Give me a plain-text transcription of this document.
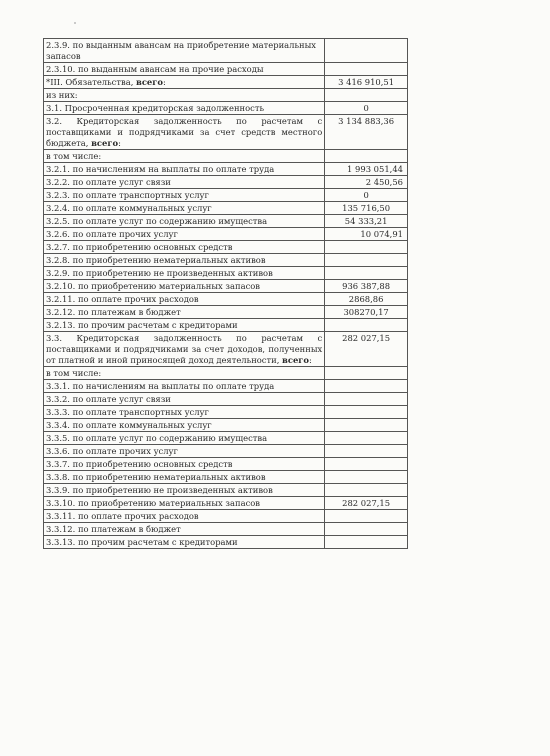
2.3.9. по выданным авансам на приобретение материальных запасов	
2.3.10. по выданным авансам на прочие расходы	
*III. Обязательства, всего:	3 416 910,51
из них:	
3.1. Просроченная кредиторская задолженность	0
3.2. Кредиторская задолженность по расчетам с поставщиками и подрядчиками за счет средств местного бюджета, всего:	3 134 883,36
в том числе:	
3.2.1. по начислениям на выплаты по оплате труда	1 993 051,44
3.2.2. по оплате услуг связи	2 450,56
3.2.3. по оплате транспортных услуг	0
3.2.4. по оплате коммунальных услуг	135 716,50
3.2.5. по оплате услуг по содержанию имущества	54 333,21
3.2.6. по оплате прочих услуг	10 074,91
3.2.7. по приобретению основных средств	
3.2.8. по приобретению нематериальных активов	
3.2.9. по приобретению не произведенных активов	
3.2.10. по приобретению материальных запасов	936 387,88
3.2.11. по оплате прочих расходов	2868,86
3.2.12. по платежам в бюджет	308270,17
3.2.13. по прочим расчетам с кредиторами	
3.3. Кредиторская задолженность по расчетам с поставщиками и подрядчиками за счет доходов, полученных от платной и иной приносящей доход деятельности, всего:	282 027,15
в том числе:	
3.3.1. по начислениям на выплаты по оплате труда	
3.3.2. по оплате услуг связи	
3.3.3. по оплате транспортных услуг	
3.3.4. по оплате коммунальных услуг	
3.3.5. по оплате услуг по содержанию имущества	
3.3.6. по оплате прочих услуг	
3.3.7. по приобретению основных средств	
3.3.8. по приобретению нематериальных активов	
3.3.9. по приобретению не произведенных активов	
3.3.10. по приобретению материальных запасов	282 027,15
3.3.11. по оплате прочих расходов	
3.3.12. по платежам в бюджет	
3.3.13. по прочим расчетам с кредиторами	
